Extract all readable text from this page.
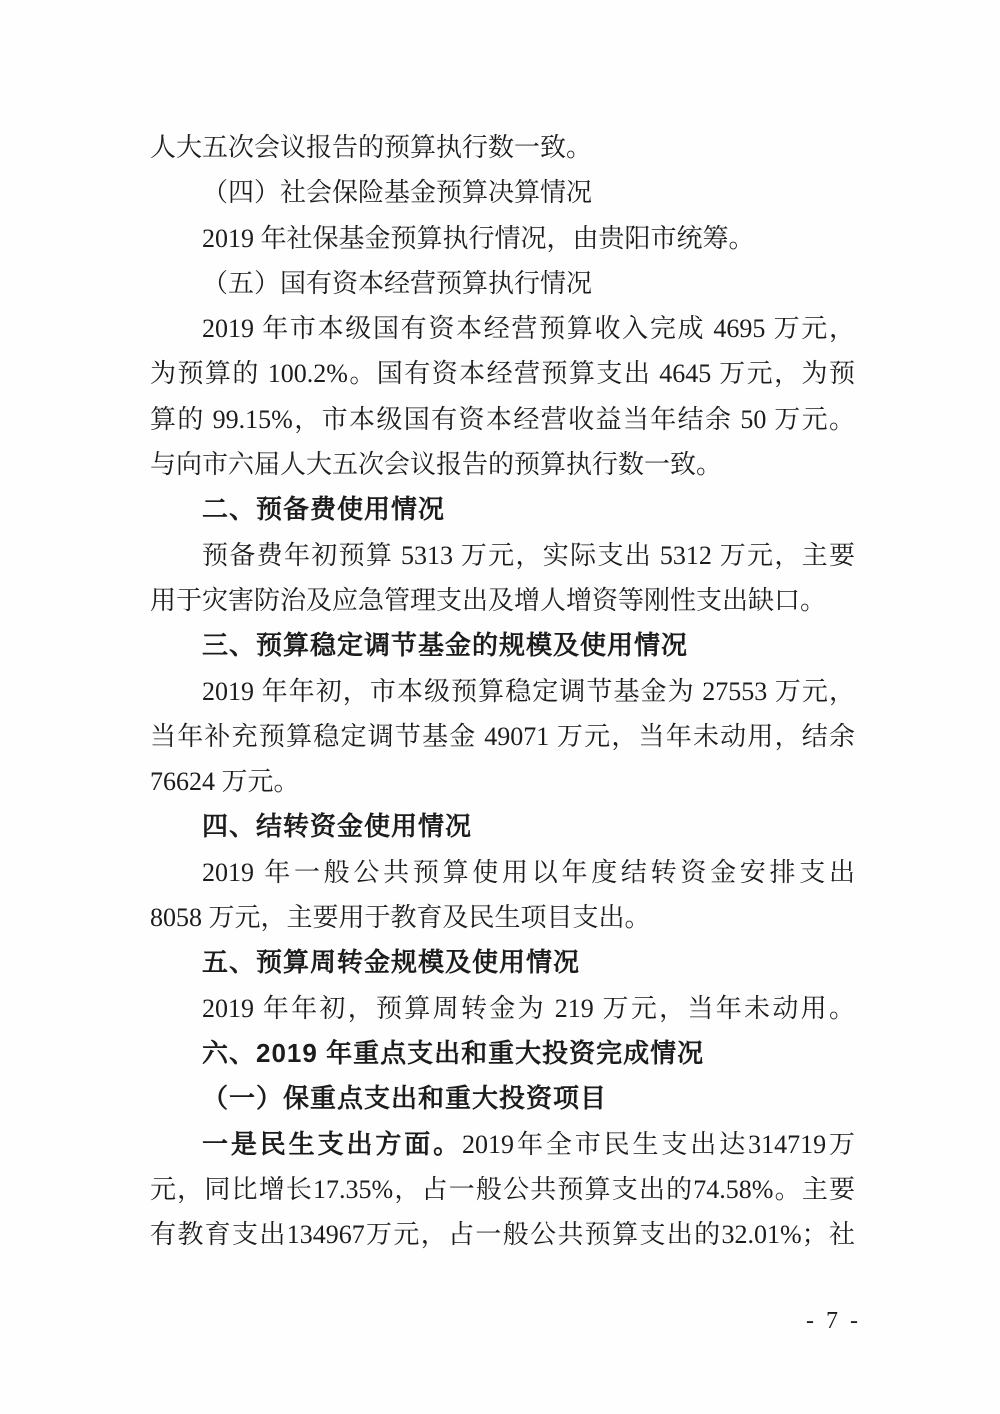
人大五次会议报告的预算执行数一致。

（四）社会保险基金预算决算情况

2019 年社保基金预算执行情况，由贵阳市统筹。

（五）国有资本经营预算执行情况

2019 年市本级国有资本经营预算收入完成 4695 万元，

为预算的 100.2%。国有资本经营预算支出 4645 万元，为预

算的 99.15%，市本级国有资本经营收益当年结余 50 万元。

与向市六届人大五次会议报告的预算执行数一致。

二、预备费使用情况

预备费年初预算 5313 万元，实际支出 5312 万元，主要

用于灾害防治及应急管理支出及增人增资等刚性支出缺口。

三、预算稳定调节基金的规模及使用情况

2019 年年初，市本级预算稳定调节基金为 27553 万元，

当年补充预算稳定调节基金 49071 万元，当年未动用，结余

76624 万元。

四、结转资金使用情况

2019 年一般公共预算使用以年度结转资金安排支出

8058 万元，主要用于教育及民生项目支出。

五、预算周转金规模及使用情况

2019 年年初，预算周转金为 219 万元，当年未动用。

六、2019 年重点支出和重大投资完成情况

（一）保重点支出和重大投资项目

一是民生支出方面。2019年全市民生支出达314719万

元，同比增长17.35%，占一般公共预算支出的74.58%。主要

有教育支出134967万元，占一般公共预算支出的32.01%；社

- 7 -
